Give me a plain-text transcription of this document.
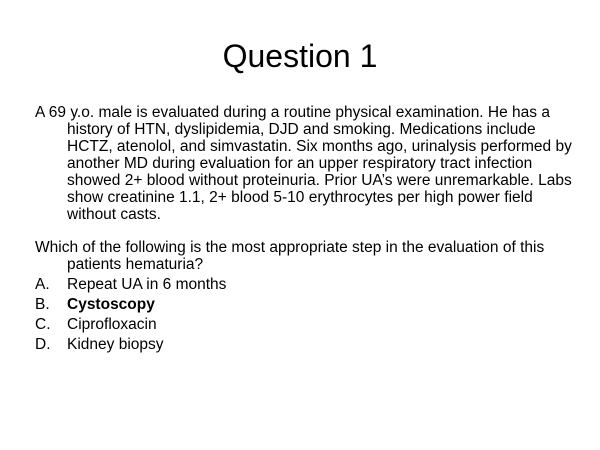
Question 1

A 69 y.o. male is evaluated during a routine physical examination. He has a history of HTN, dyslipidemia, DJD and smoking. Medications include HCTZ, atenolol, and simvastatin. Six months ago, urinalysis performed by another MD during evaluation for an upper respiratory tract infection showed 2+ blood without proteinuria. Prior UA’s were unremarkable. Labs show creatinine 1.1, 2+ blood 5-10 erythrocytes per high power field without casts.

Which of the following is the most appropriate step in the evaluation of this patients hematuria?

A.	Repeat UA in 6 months
B.	Cystoscopy
C.	Ciprofloxacin
D.	Kidney biopsy
